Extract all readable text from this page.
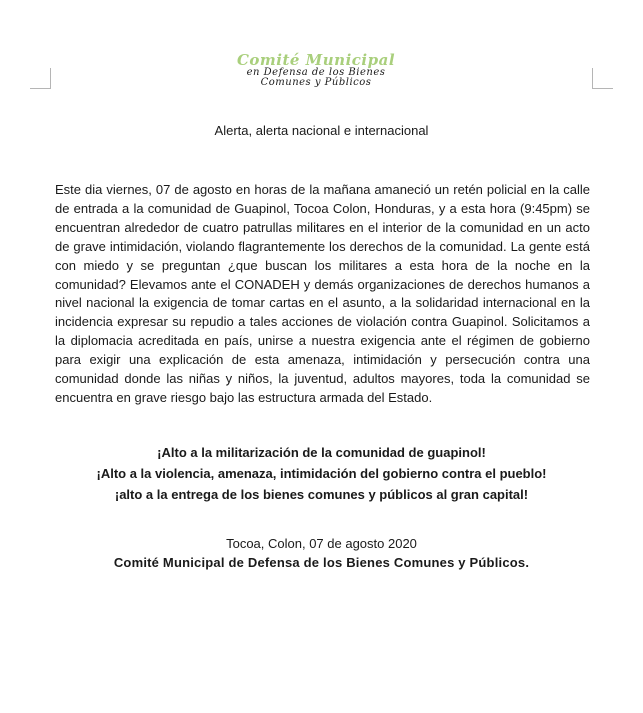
Comité Municipal
en Defensa de los Bienes
Comunes y Públicos
Alerta, alerta nacional e internacional

Este dia viernes, 07 de agosto en horas de la mañana amaneció un retén policial en la calle de entrada a la comunidad de Guapinol, Tocoa Colon, Honduras, y a esta hora (9:45pm) se encuentran alrededor de cuatro patrullas militares en el interior de la comunidad en un acto de grave intimidación, violando flagrantemente los derechos de la comunidad. La gente está con miedo y se preguntan ¿que buscan los militares a esta hora de la noche en la comunidad? Elevamos ante el CONADEH y demás organizaciones de derechos humanos a nivel nacional la exigencia de tomar cartas en el asunto, a la solidaridad internacional en la incidencia expresar su repudio a tales acciones de violación contra Guapinol. Solicitamos a la diplomacia acreditada en país, unirse a nuestra exigencia ante el régimen de gobierno para exigir una explicación de esta amenaza, intimidación y persecución contra una comunidad donde las niñas y niños, la juventud, adultos mayores, toda la comunidad se encuentra en grave riesgo bajo las estructura armada del Estado.

¡Alto a la militarización de la comunidad de guapinol!
¡Alto a la violencia, amenaza, intimidación del gobierno contra el pueblo!
¡alto a la entrega de los bienes comunes y públicos al gran capital!
Tocoa, Colon, 07 de agosto 2020
Comité Municipal de Defensa de los Bienes Comunes y Públicos.
